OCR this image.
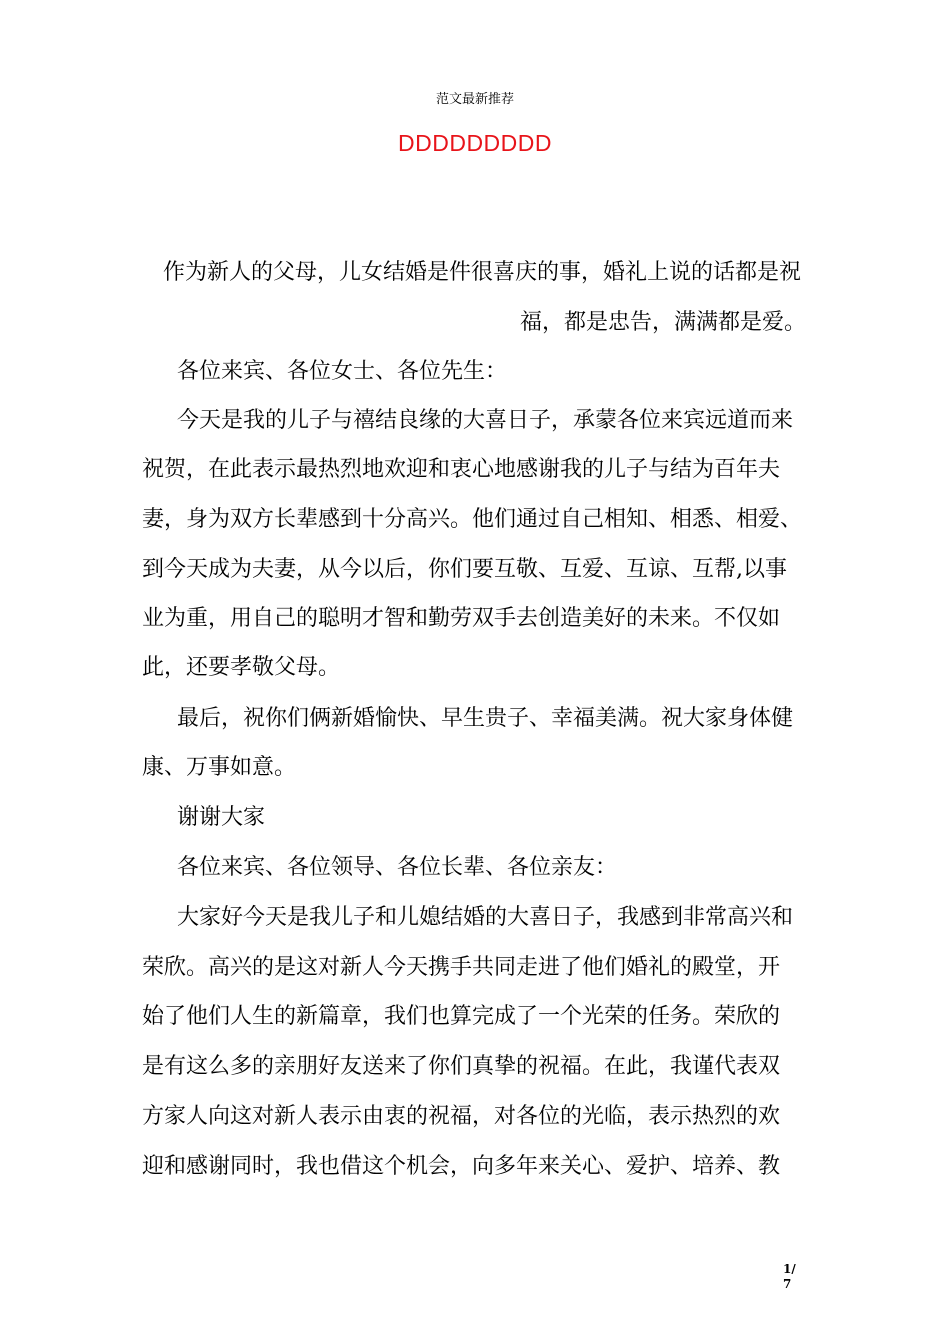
范文最新推荐
DDDDDDDDD
作为新人的父母，儿女结婚是件很喜庆的事，婚礼上说的话都是祝
福，都是忠告，满满都是爱。
各位来宾、各位女士、各位先生：
今天是我的儿子与禧结良缘的大喜日子，承蒙各位来宾远道而来
祝贺，在此表示最热烈地欢迎和衷心地感谢我的儿子与结为百年夫
妻，身为双方长辈感到十分高兴。他们通过自己相知、相悉、相爱、
到今天成为夫妻，从今以后，你们要互敬、互爱、互谅、互帮,以事
业为重，用自己的聪明才智和勤劳双手去创造美好的未来。不仅如
此，还要孝敬父母。
最后，祝你们俩新婚愉快、早生贵子、幸福美满。祝大家身体健
康、万事如意。
谢谢大家
各位来宾、各位领导、各位长辈、各位亲友：
大家好今天是我儿子和儿媳结婚的大喜日子，我感到非常高兴和
荣欣。高兴的是这对新人今天携手共同走进了他们婚礼的殿堂，开
始了他们人生的新篇章，我们也算完成了一个光荣的任务。荣欣的
是有这么多的亲朋好友送来了你们真挚的祝福。在此，我谨代表双
方家人向这对新人表示由衷的祝福，对各位的光临，表示热烈的欢
迎和感谢同时，我也借这个机会，向多年来关心、爱护、培养、教
1/
7
